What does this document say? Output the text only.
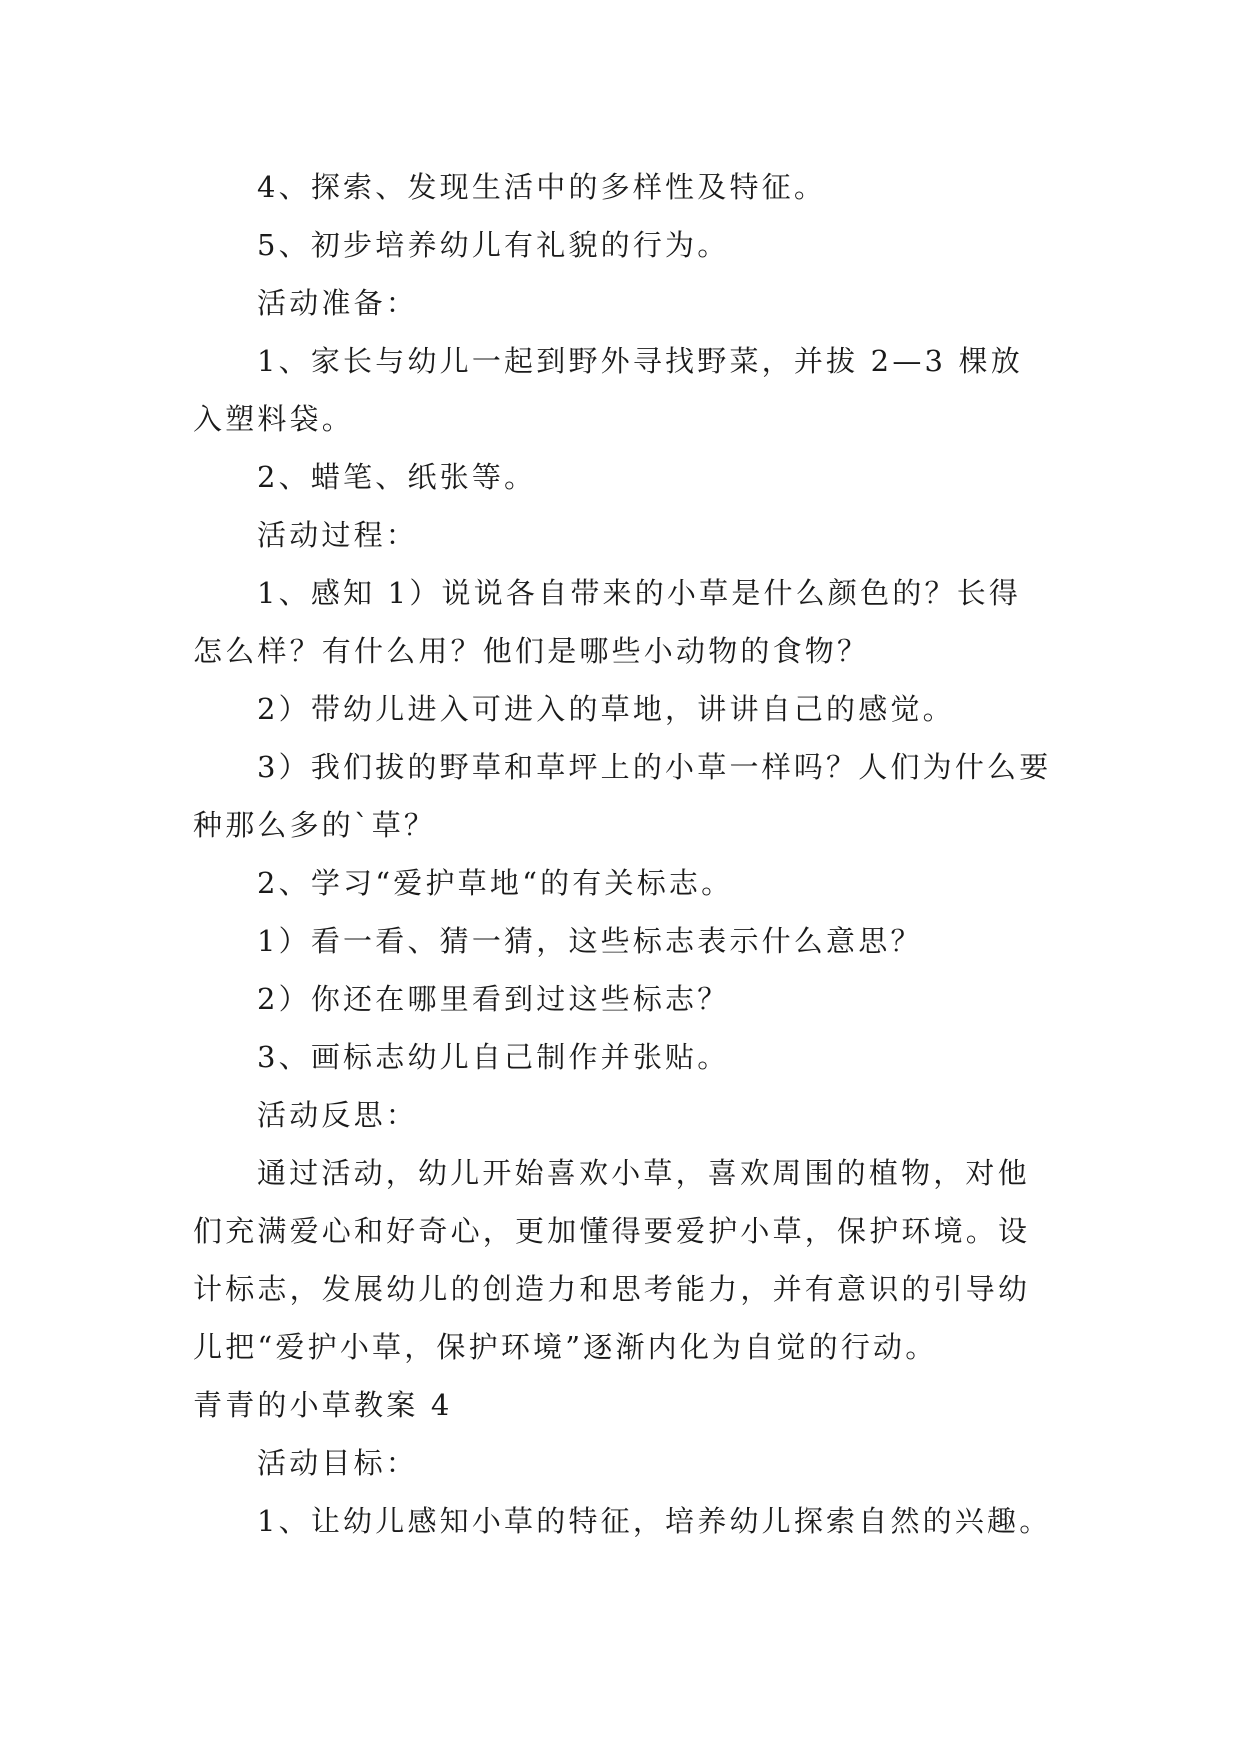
4、探索、发现生活中的多样性及特征。

5、初步培养幼儿有礼貌的行为。

活动准备：

1、家长与幼儿一起到野外寻找野菜，并拔 2—3 棵放入塑料袋。

2、蜡笔、纸张等。

活动过程：

1、感知 1）说说各自带来的小草是什么颜色的？长得怎么样？有什么用？他们是哪些小动物的食物？

2）带幼儿进入可进入的草地，讲讲自己的感觉。

3）我们拔的野草和草坪上的小草一样吗？人们为什么要种那么多的`草？

2、学习“爱护草地“的有关标志。

1）看一看、猜一猜，这些标志表示什么意思？

2）你还在哪里看到过这些标志？

3、画标志幼儿自己制作并张贴。

活动反思：

通过活动，幼儿开始喜欢小草，喜欢周围的植物，对他们充满爱心和好奇心，更加懂得要爱护小草，保护环境。设计标志，发展幼儿的创造力和思考能力，并有意识的引导幼儿把“爱护小草，保护环境”逐渐内化为自觉的行动。

青青的小草教案 4

活动目标：

1、让幼儿感知小草的特征，培养幼儿探索自然的兴趣。
